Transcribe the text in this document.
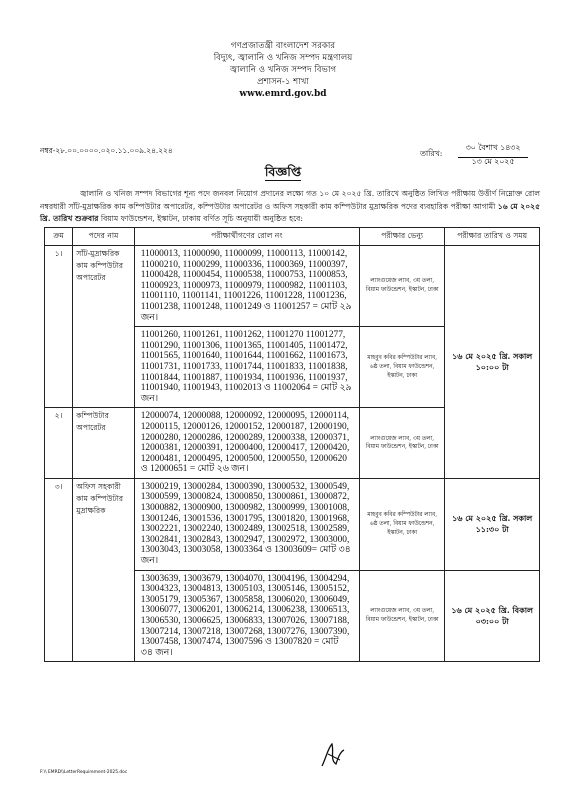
গণপ্রজাতন্ত্রী বাংলাদেশ সরকার
বিদ্যুৎ, জ্বালানি ও খনিজ সম্পদ মন্ত্রণালয়
জ্বালানি ও খনিজ সম্পদ বিভাগ
প্রশাসন-১ শাখা
www.emrd.gov.bd
নম্বর-২৮.০০.০০০০.০২০.১১.০০৯.২৪.২২৪	তারিখ:
৩০ বৈশাখ ১৪৩২
১৩ মে ২০২৫
বিজ্ঞপ্তি
জ্বালানি ও খনিজ সম্পদ বিভাগের শূন্য পদে জনবল নিয়োগ প্রদানের লক্ষ্যে গত ১০ মে ২০২৫ খ্রি. তারিখে অনুষ্ঠিত লিখিত পরীক্ষায় উত্তীর্ণ নিম্নোক্ত রোল নম্বরধারী সাঁট-মুদ্রাক্ষরিক কাম কম্পিউটার অপারেটর, কম্পিউটার অপারেটর ও অফিস সহকারী কাম কম্পিউটার মুদ্রাক্ষরিক পদের ব্যবহারিক পরীক্ষা আগামী ১৬ মে ২০২৫ খ্রি. তারিখ শুক্রবার বিয়াম ফাউন্ডেশন, ইস্কাটন, ঢাকায় বর্ণিত সূচি অনুযায়ী অনুষ্ঠিত হবে:
ক্রম	পদের নাম	পরীক্ষার্থীগণের রোল নং	পরীক্ষার ভেন্যু	পরীক্ষার তারিখ ও সময়
১।	সাঁট-মুদ্রাক্ষরিক কাম কম্পিউটার অপারেটর	11000013, 11000090, 11000099, 11000113, 11000142, 11000210, 11000299, 11000336, 11000369, 11000397, 11000428, 11000454, 11000538, 11000753, 11000853, 11000923, 11000973, 11000979, 11000982, 11001103, 11001110, 11001141, 11001226, 11001228, 11001236, 11001238, 11001248, 11001249 ও 11001257 = মোট ২৯ জন।	ল্যাংগুয়েজ ল্যাব, ৩য় তলা, বিয়াম ফাউন্ডেশন, ইস্কাটন, ঢাকা	১৬ মে ২০২৫ খ্রি. সকাল ১০:০০ টা
		11001260, 11001261, 11001262, 11001270 11001277, 11001290, 11001306, 11001365, 11001405, 11001472, 11001565, 11001640, 11001644, 11001662, 11001673, 11001731, 11001733, 11001744, 11001833, 11001838, 11001844, 11001887, 11001934, 11001936, 11001937, 11001940, 11001943, 11002013 ও 11002064 = মোট ২৯ জন।	মাহবুব কবির কম্পিউটার ল্যাব, ৬ষ্ঠ তলা, বিয়াম ফাউন্ডেশন, ইস্কাটন, ঢাকা	
২।	কম্পিউটার অপারেটর	12000074, 12000088, 12000092, 12000095, 12000114, 12000115, 12000126, 12000152, 12000187, 12000190, 12000280, 12000286, 12000289, 12000338, 12000371, 12000381, 12000391, 12000400, 12000417, 12000420, 12000481, 12000495, 12000500, 12000550, 12000620 ও 12000651 = মোট ২৬ জন।	ল্যাংগুয়েজ ল্যাব, ৩য় তলা, বিয়াম ফাউন্ডেশন, ইস্কাটন, ঢাকা	
৩।	অফিস সহকারী কাম কম্পিউটার মুদ্রাক্ষরিক	13000219, 13000284, 13000390, 13000532, 13000549, 13000599, 13000824, 13000850, 13000861, 13000872, 13000882, 13000900, 13000982, 13000999, 13001008, 13001246, 13001536, 13001795, 13001820, 13001968, 13002221, 13002240, 13002489, 13002518, 13002589, 13002841, 13002843, 13002947, 13002972, 13003000, 13003043, 13003058, 13003364 ও 13003609= মোট ৩৪ জন।	মাহবুব কবির কম্পিউটার ল্যাব, ৬ষ্ঠ তলা, বিয়াম ফাউন্ডেশন, ইস্কাটন, ঢাকা	১৬ মে ২০২৫ খ্রি. সকাল ১১:৩০ টা
		13003639, 13003679, 13004070, 13004196, 13004294, 13004323, 13004813, 13005103, 13005146, 13005152, 13005179, 13005367, 13005858, 13006020, 13006049, 13006077, 13006201, 13006214, 13006238, 13006513, 13006530, 13006625, 13006833, 13007026, 13007188, 13007214, 13007218, 13007268, 13007276, 13007390, 13007458, 13007474, 13007596 ও 13007820 = মোট ৩৪ জন।	ল্যাংগুয়েজ ল্যাব, ৩য় তলা, বিয়াম ফাউন্ডেশন, ইস্কাটন, ঢাকা	১৬ মে ২০২৫ খ্রি. বিকাল ০৩:০০ টা
F:\\ EMRD\\LetterRequirement-2025.doc
